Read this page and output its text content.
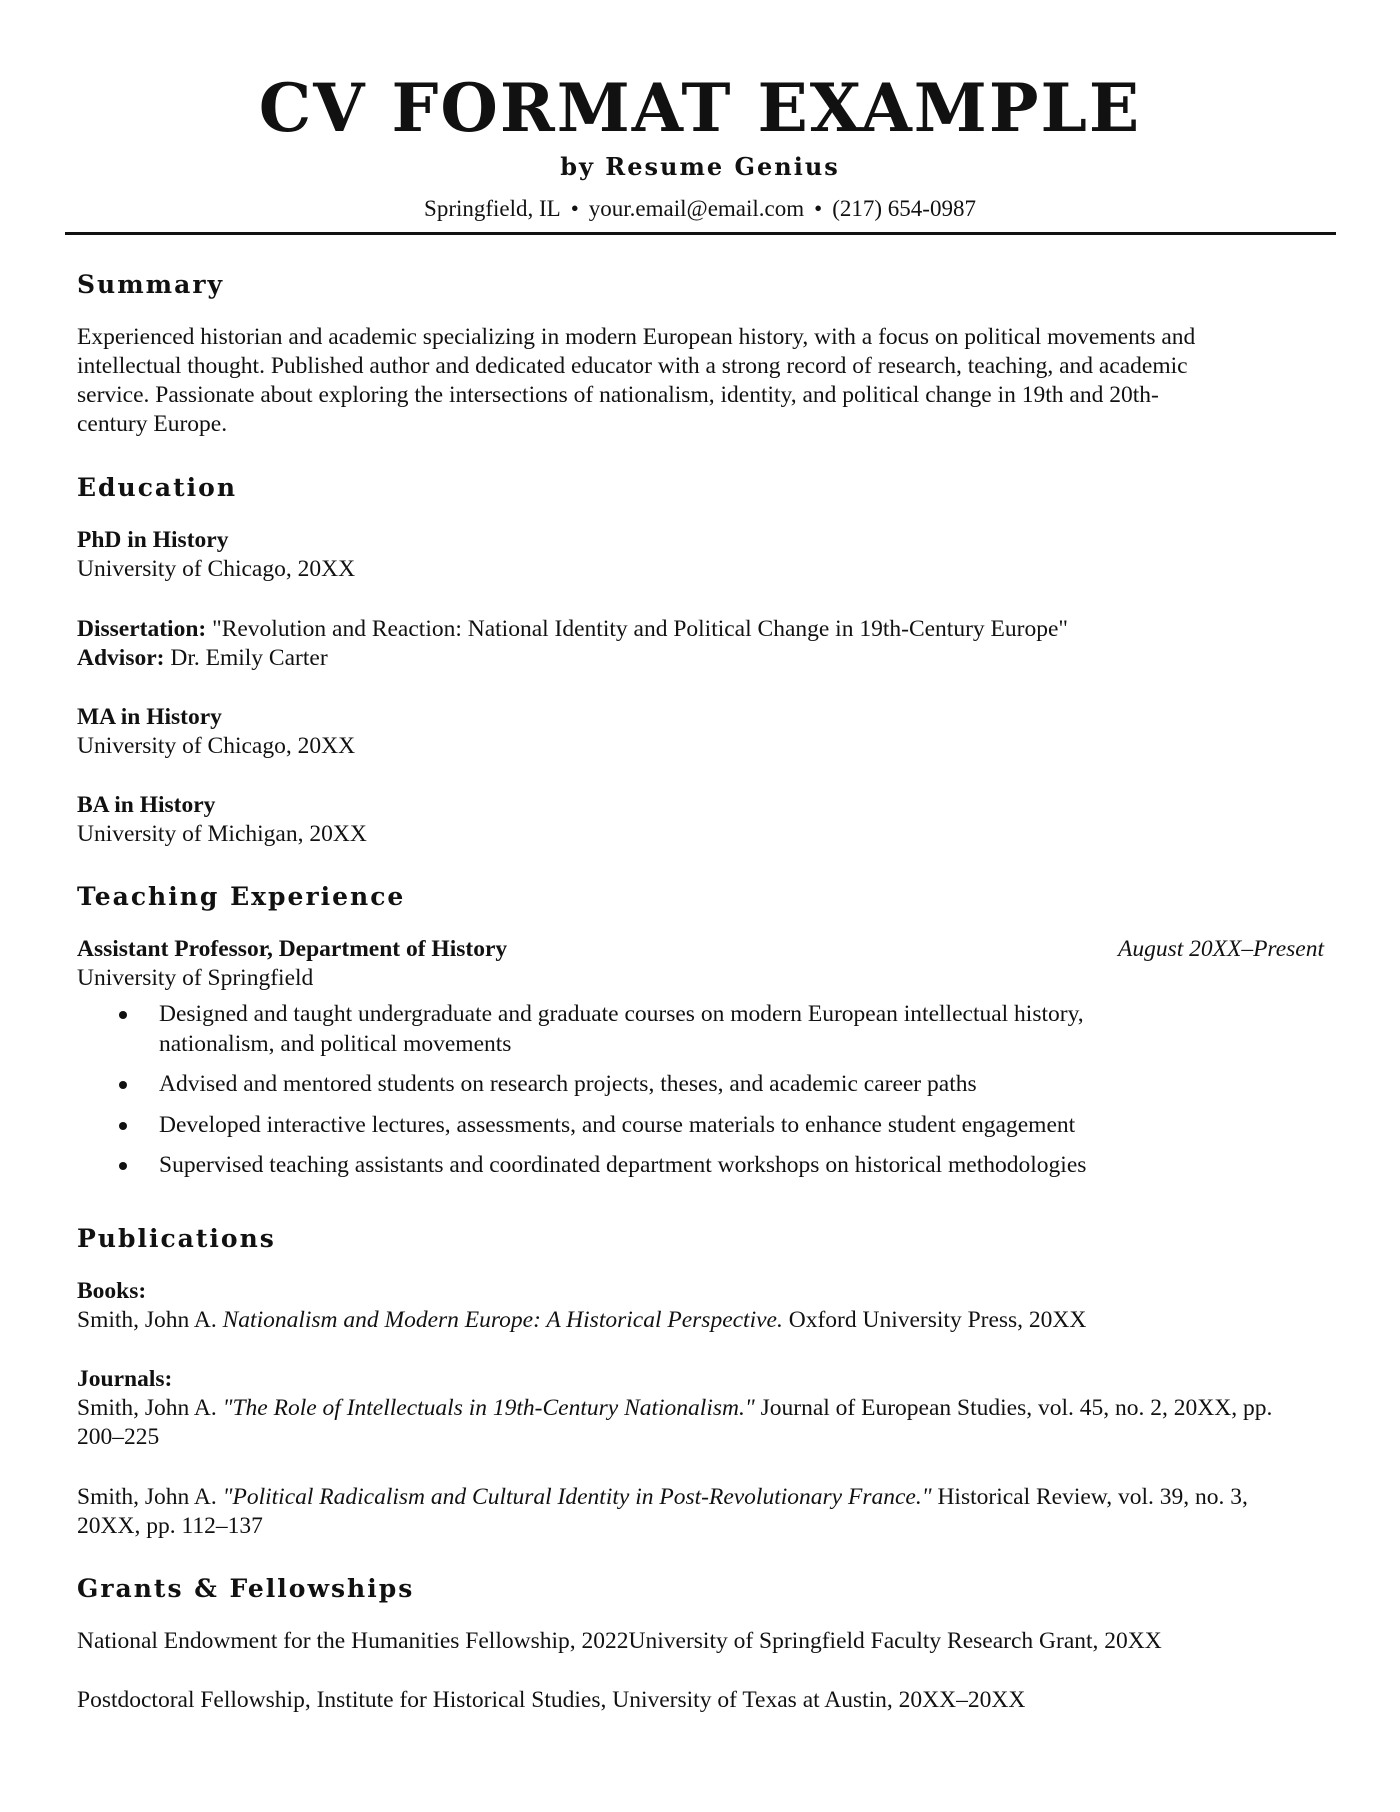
CV FORMAT EXAMPLE
by Resume Genius
Springfield, IL • your.email@email.com • (217) 654-0987
Summary
Experienced historian and academic specializing in modern European history, with a focus on political movements and
intellectual thought. Published author and dedicated educator with a strong record of research, teaching, and academic
service. Passionate about exploring the intersections of nationalism, identity, and political change in 19th and 20th-
century Europe.
Education
PhD in History
University of Chicago, 20XX
Dissertation: "Revolution and Reaction: National Identity and Political Change in 19th-Century Europe"
Advisor: Dr. Emily Carter
MA in History
University of Chicago, 20XX
BA in History
University of Michigan, 20XX
Teaching Experience
Assistant Professor, Department of History	August 20XX–Present
University of Springfield
Designed and taught undergraduate and graduate courses on modern European intellectual history, nationalism, and political movements
Advised and mentored students on research projects, theses, and academic career paths
Developed interactive lectures, assessments, and course materials to enhance student engagement
Supervised teaching assistants and coordinated department workshops on historical methodologies
Publications
Books:
Smith, John A. Nationalism and Modern Europe: A Historical Perspective. Oxford University Press, 20XX
Journals:
Smith, John A. "The Role of Intellectuals in 19th-Century Nationalism." Journal of European Studies, vol. 45, no. 2, 20XX, pp.
200–225
Smith, John A. "Political Radicalism and Cultural Identity in Post-Revolutionary France." Historical Review, vol. 39, no. 3,
20XX, pp. 112–137
Grants & Fellowships
National Endowment for the Humanities Fellowship, 2022University of Springfield Faculty Research Grant, 20XX
Postdoctoral Fellowship, Institute for Historical Studies, University of Texas at Austin, 20XX–20XX
